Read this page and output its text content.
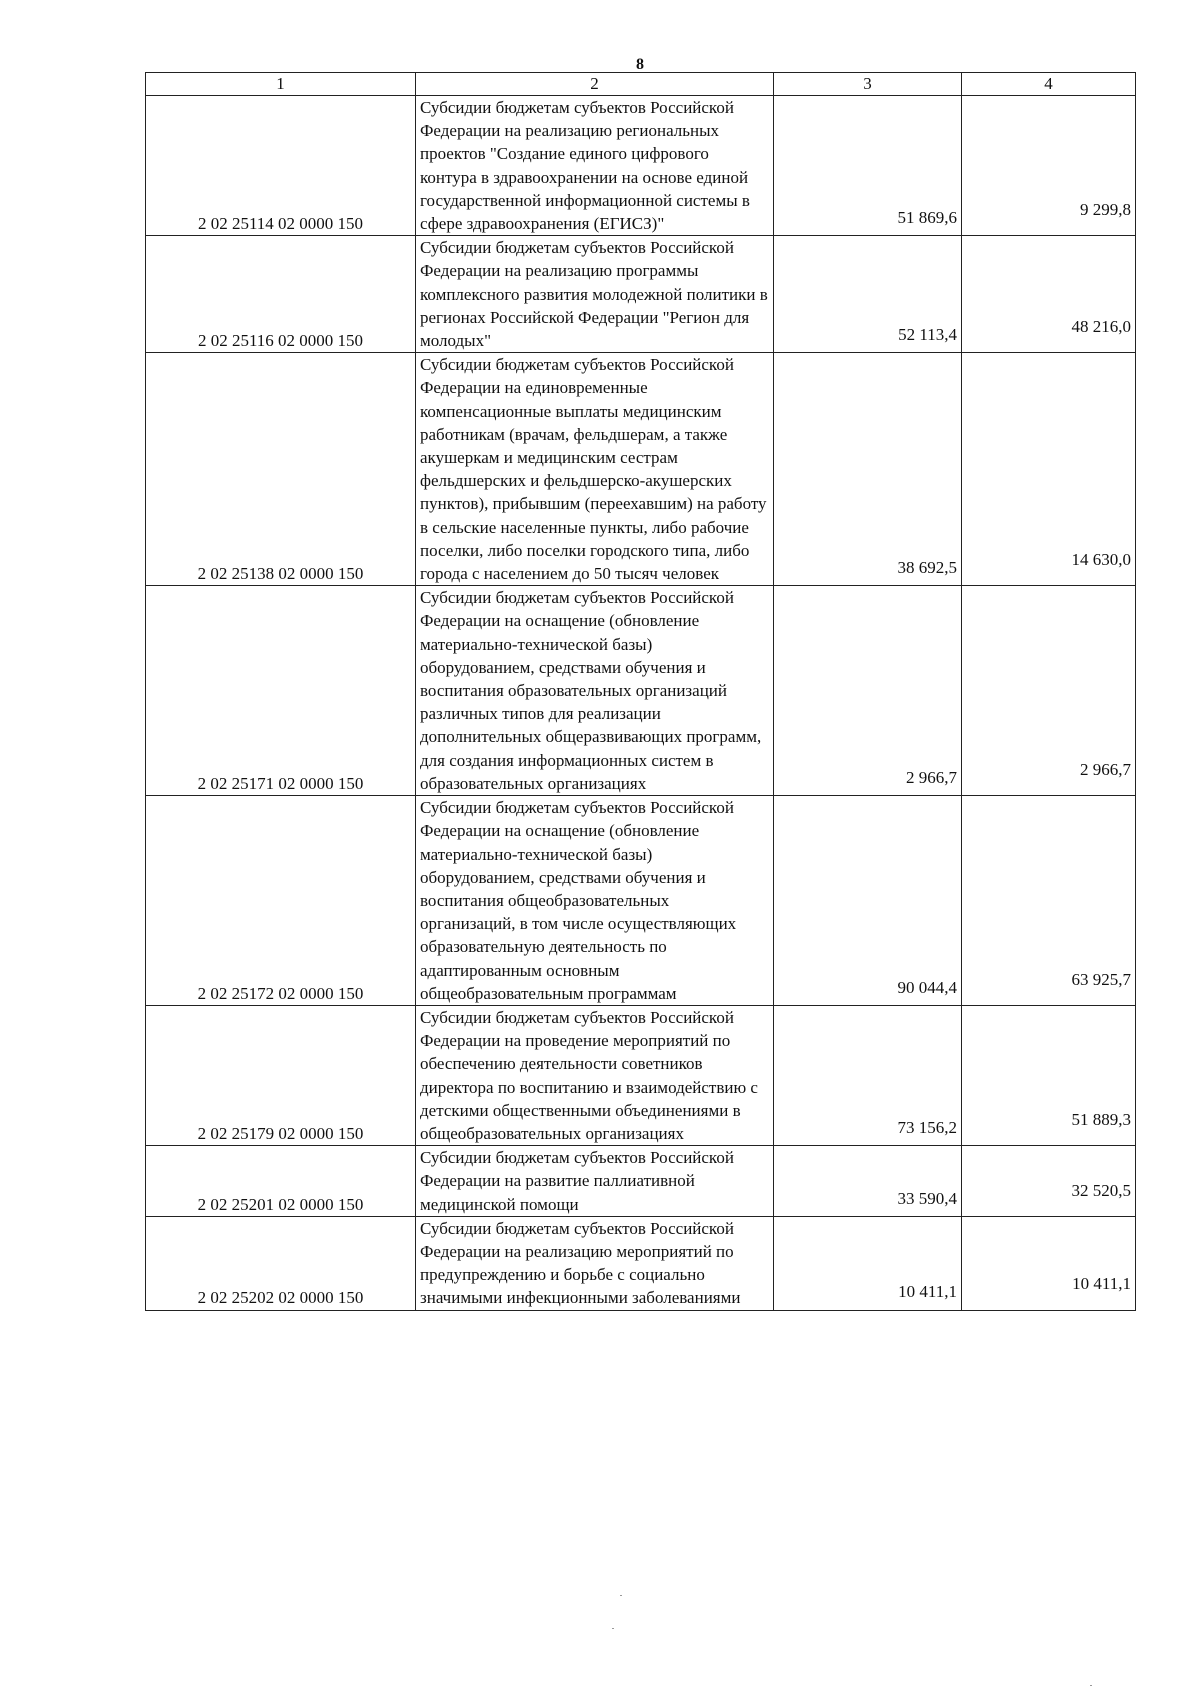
8
1	2	3	4
2 02 25114 02 0000 150	Субсидии бюджетам субъектов Российской Федерации на реализацию региональных проектов "Создание единого цифрового контура в здравоохранении на основе единой государственной информационной системы в сфере здравоохранения (ЕГИСЗ)"	51 869,6	9 299,8
2 02 25116 02 0000 150	Субсидии бюджетам субъектов Российской Федерации на реализацию программы комплексного развития молодежной политики в регионах Российской Федерации "Регион для молодых"	52 113,4	48 216,0
2 02 25138 02 0000 150	Субсидии бюджетам субъектов Российской Федерации на единовременные компенсационные выплаты медицинским работникам (врачам, фельдшерам, а также акушеркам и медицинским сестрам фельдшерских и фельдшерско-акушерских пунктов), прибывшим (переехавшим) на работу в сельские населенные пункты, либо рабочие поселки, либо поселки городского типа, либо города с населением до 50 тысяч человек	38 692,5	14 630,0
2 02 25171 02 0000 150	Субсидии бюджетам субъектов Российской Федерации на оснащение (обновление материально-технической базы) оборудованием, средствами обучения и воспитания образовательных организаций различных типов для реализации дополнительных общеразвивающих программ, для создания информационных систем в образовательных организациях	2 966,7	2 966,7
2 02 25172 02 0000 150	Субсидии бюджетам субъектов Российской Федерации на оснащение (обновление материально-технической базы) оборудованием, средствами обучения и воспитания общеобразовательных организаций, в том числе осуществляющих образовательную деятельность по адаптированным основным общеобразовательным программам	90 044,4	63 925,7
2 02 25179 02 0000 150	Субсидии бюджетам субъектов Российской Федерации на проведение мероприятий по обеспечению деятельности советников директора по воспитанию и взаимодействию с детскими общественными объединениями в общеобразовательных организациях	73 156,2	51 889,3
2 02 25201 02 0000 150	Субсидии бюджетам субъектов Российской Федерации на развитие паллиативной медицинской помощи	33 590,4	32 520,5
2 02 25202 02 0000 150	Субсидии бюджетам субъектов Российской Федерации на реализацию мероприятий по предупреждению и борьбе с социально значимыми инфекционными заболеваниями	10 411,1	10 411,1
